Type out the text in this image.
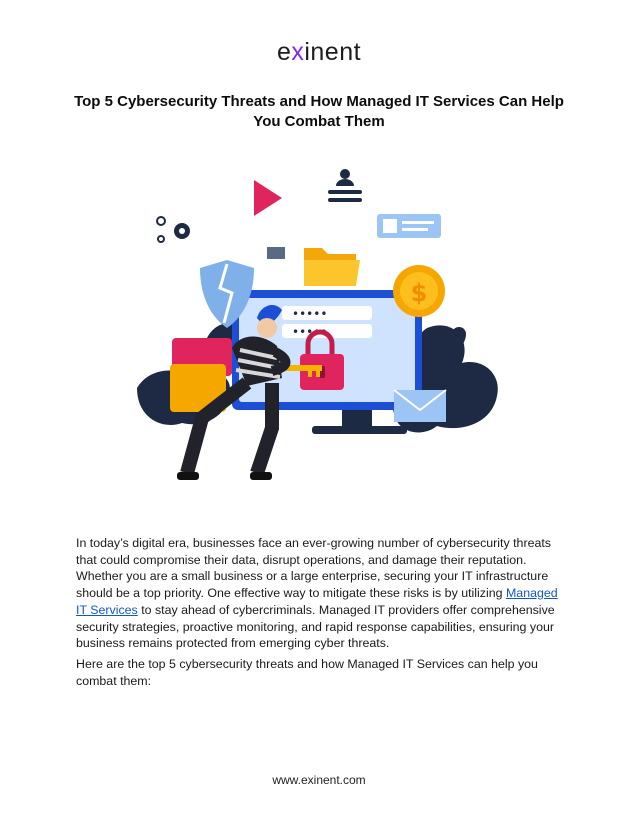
exinent
Top 5 Cybersecurity Threats and How Managed IT Services Can Help You Combat Them
•••••
•••••
$
In today’s digital era, businesses face an ever-growing number of cybersecurity threats that could compromise their data, disrupt operations, and damage their reputation. Whether you are a small business or a large enterprise, securing your IT infrastructure should be a top priority. One effective way to mitigate these risks is by utilizing Managed IT Services to stay ahead of cybercriminals. Managed IT providers offer comprehensive security strategies, proactive monitoring, and rapid response capabilities, ensuring your business remains protected from emerging cyber threats.
Here are the top 5 cybersecurity threats and how Managed IT Services can help you combat them:
www.exinent.com
